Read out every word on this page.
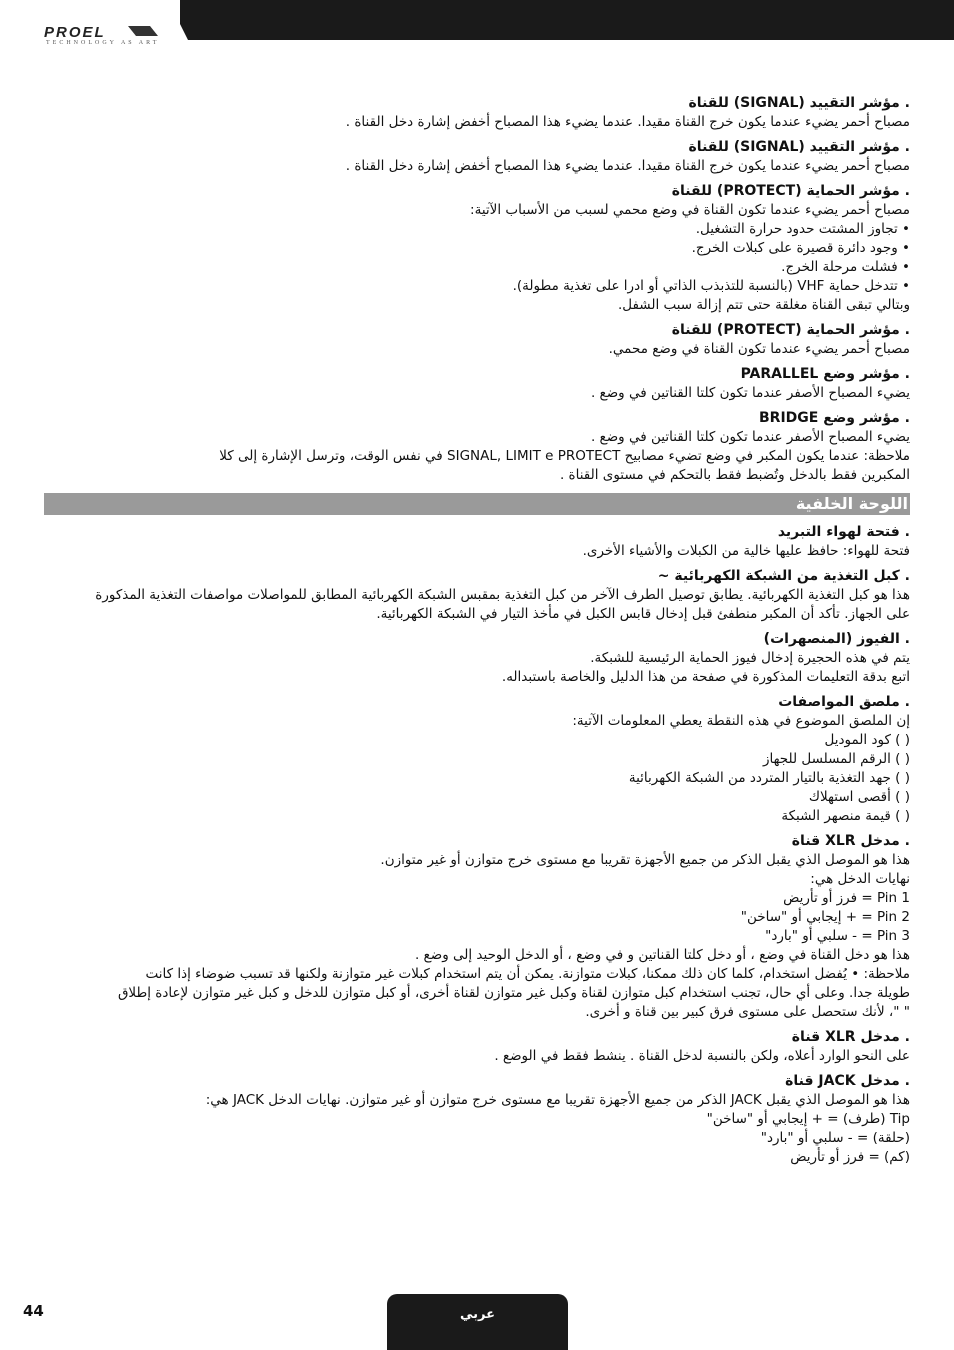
PROEL
TECHNOLOGY AS ART
. مؤشر التقييد (SIGNAL) للقناة
مصباح أحمر يضيء عندما يكون خرج القناة مقيدا. عندما يضيء هذا المصباح أخفض إشارة دخل القناة .
. مؤشر التقييد (SIGNAL) للقناة
مصباح أحمر يضيء عندما يكون خرج القناة مقيدا. عندما يضيء هذا المصباح أخفض إشارة دخل القناة .
. مؤشر الحماية (PROTECT) للقناة
مصباح أحمر يضيء عندما تكون القناة في وضع محمي لسبب من الأسباب الآتية:
• تجاوز المشتت حدود حرارة التشغيل.
• وجود دائرة قصيرة على كبلات الخرج.
• فشلت مرحلة الخرج.
• تتدخل حماية VHF (بالنسبة للتذبذب الذاتي أو ادرا على تغذية مطولة).
وبتالي تبقى القناة مغلقة حتى تتم إزالة سبب الشفل.
. مؤشر الحماية (PROTECT) للقناة
مصباح أحمر يضيء عندما تكون القناة في وضع محمي.
. مؤشر وضع PARALLEL
يضيء المصباح الأصفر عندما تكون كلتا القناتين في وضع .
. مؤشر وضع BRIDGE
يضيء المصباح الأصفر عندما تكون كلتا القناتين في وضع .
ملاحظة: عندما يكون المكبر في وضع تضيء مصابيح SIGNAL, LIMIT e PROTECT في نفس الوقت، وترسل الإشارة إلى كلا
المكبرين فقط بالدخل وتُضبط فقط بالتحكم في مستوى القناة .
اللوحة الخلفية
. فتحة لهواء التبريد
فتحة للهواء: حافظ عليها خالية من الكبلات والأشياء الأخرى.
. كبل التغذية من الشبكة الكهربائية ~
هذا هو كبل التغذية الكهربائية. يطابق توصيل الطرف الآخر من كبل التغذية بمقبس الشبكة الكهربائية المطابق للمواصلات مواصفات التغذية المذكورة
على الجهاز. تأكد أن المكبر منطفئ قبل إدخال قابس الكبل في مأخذ التيار في الشبكة الكهربائية.
. الفيوز (المنصهرات)
يتم في هذه الحجيرة إدخال فيوز الحماية الرئيسية للشبكة.
اتبع بدقة التعليمات المذكورة في صفحة من هذا الدليل والخاصة باستبداله.
. ملصق المواصفات
إن الملصق الموضوع في هذه النقطة يعطي المعلومات الآتية:
( ) كود الموديل
( ) الرقم المسلسل للجهاز
( ) جهد التغذية بالتيار المتردد من الشبكة الكهربائية
( ) أقصى استهلاك
( ) قيمة منصهر الشبكة
. مدخل XLR قناة
هذا هو الموصل الذي يقبل الذكر من جميع الأجهزة تقريبا مع مستوى خرج متوازن أو غير متوازن.
نهايات الدخل هي:
Pin 1 = فرز أو تأريض
Pin 2 = + إيجابي أو "ساخن"
Pin 3 = - سلبي أو "بارد"
هذا هو دخل القناة في وضع ، أو دخل كلتا القناتين و في وضع ، أو الدخل الوحيد إلى وضع .
ملاحظة: • يُفضل استخدام، كلما كان ذلك ممكنا، كبلات متوازنة. يمكن أن يتم استخدام كبلات غير متوازنة ولكنها قد تسبب ضوضاء إذا كانت
طويلة جدا. وعلى أي حال، تجنب استخدام كبل متوازن لقناة وكبل غير متوازن لقناة أخرى، أو كبل متوازن للدخل و كبل غير متوازن لإعادة إطلاق
" "، لأنك ستحصل على مستوى فرق كبير بين قناة و أخرى.
. مدخل XLR قناة
على النحو الوارد أعلاه، ولكن بالنسبة لدخل القناة . ينشط فقط في الوضع .
. مدخل JACK قناة
هذا هو الموصل الذي يقبل JACK الذكر من جميع الأجهزة تقريبا مع مستوى خرج متوازن أو غير متوازن. نهايات الدخل JACK هي:
Tip (طرف) = + إيجابي أو "ساخن"
(حلقة) = - سلبي أو "بارد"
(كم) = فرز أو تأريض
44	عربي
